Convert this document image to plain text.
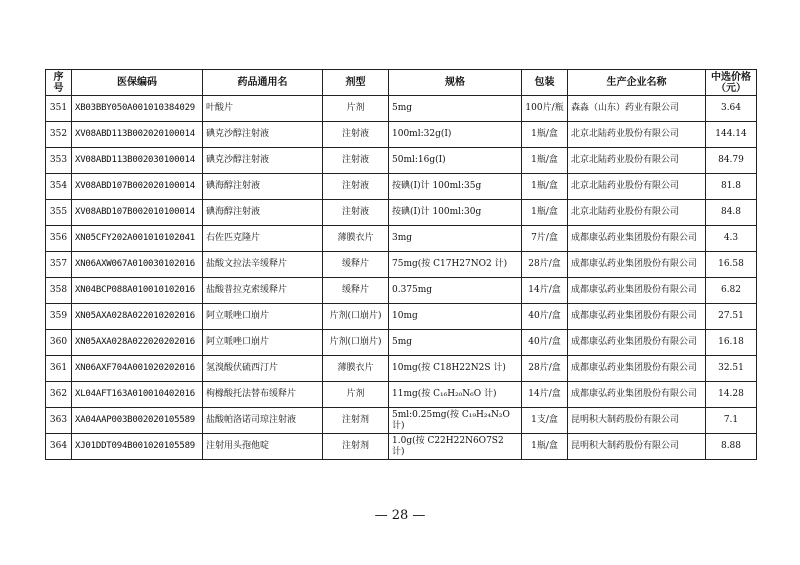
序号	医保编码	药品通用名	剂型	规格	包装	生产企业名称	中选价格（元）
351	XB03BBY050A001010384029	叶酸片	片剂	5mg	100片/瓶	森淼（山东）药业有限公司	3.64
352	XV08ABD113B002020100014	碘克沙醇注射液	注射液	100ml:32g(Ⅰ)	1瓶/盒	北京北陆药业股份有限公司	144.14
353	XV08ABD113B002030100014	碘克沙醇注射液	注射液	50ml:16g(Ⅰ)	1瓶/盒	北京北陆药业股份有限公司	84.79
354	XV08ABD107B002020100014	碘海醇注射液	注射液	按碘(Ⅰ)计 100ml:35g	1瓶/盒	北京北陆药业股份有限公司	81.8
355	XV08ABD107B002010100014	碘海醇注射液	注射液	按碘(Ⅰ)计 100ml:30g	1瓶/盒	北京北陆药业股份有限公司	84.8
356	XN05CFY202A001010102041	右佐匹克隆片	薄膜衣片	3mg	7片/盒	成都康弘药业集团股份有限公司	4.3
357	XN06AXW067A010030102016	盐酸文拉法辛缓释片	缓释片	75mg(按 C17H27NO2 计)	28片/盒	成都康弘药业集团股份有限公司	16.58
358	XN04BCP088A010010102016	盐酸普拉克索缓释片	缓释片	0.375mg	14片/盒	成都康弘药业集团股份有限公司	6.82
359	XN05AXA028A022010202016	阿立哌唑口崩片	片剂(口崩片)	10mg	40片/盒	成都康弘药业集团股份有限公司	27.51
360	XN05AXA028A022020202016	阿立哌唑口崩片	片剂(口崩片)	5mg	40片/盒	成都康弘药业集团股份有限公司	16.18
361	XN06AXF704A001020202016	氢溴酸伏硫西汀片	薄膜衣片	10mg(按 C18H22N2S 计)	28片/盒	成都康弘药业集团股份有限公司	32.51
362	XL04AFT163A010010402016	枸橼酸托法替布缓释片	片剂	11mg(按 C₁₆H₂₀N₆O 计)	14片/盒	成都康弘药业集团股份有限公司	14.28
363	XA04AAP003B002020105589	盐酸帕洛诺司琼注射液	注射剂	5ml:0.25mg(按 C₁₉H₂₄N₂O 计)	1支/盒	昆明积大制药股份有限公司	7.1
364	XJ01DDT094B001020105589	注射用头孢他啶	注射剂	1.0g(按 C22H22N6O7S2 计)	1瓶/盒	昆明积大制药股份有限公司	8.88
— 28 —
